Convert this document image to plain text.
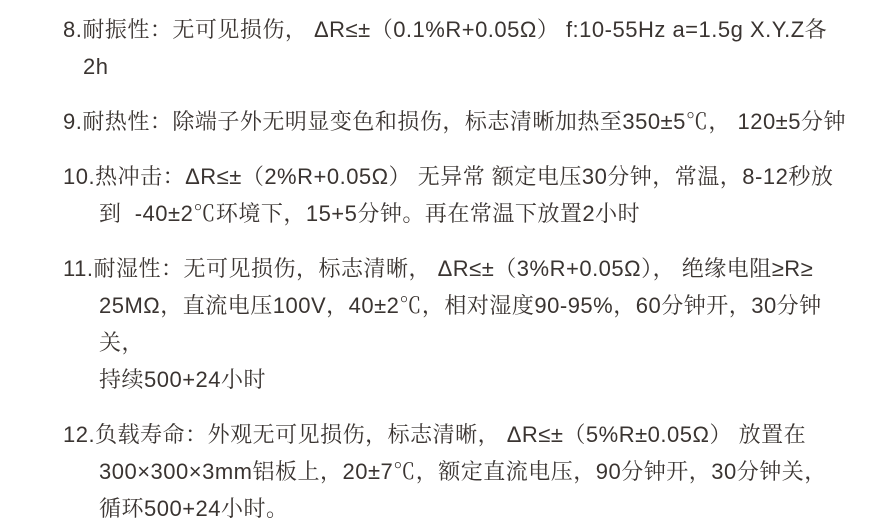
8.耐振性：无可见损伤， ΔR≤±（0.1%R+0.05Ω） f:10-55Hz a=1.5g X.Y.Z各
2h
9.耐热性：除端子外无明显变色和损伤，标志清晰加热至350±5℃， 120±5分钟
10.热冲击：ΔR≤±（2%R+0.05Ω） 无异常 额定电压30分钟，常温，8-12秒放
到  -40±2℃环境下，15+5分钟。再在常温下放置2小时
11.耐湿性：无可见损伤，标志清晰， ΔR≤±（3%R+0.05Ω）， 绝缘电阻≥R≥
25MΩ，直流电压100V，40±2℃，相对湿度90-95%，60分钟开，30分钟关，
持续500+24小时
12.负载寿命：外观无可见损伤，标志清晰， ΔR≤±（5%R±0.05Ω） 放置在
300×300×3mm铝板上，20±7℃，额定直流电压，90分钟开，30分钟关，
循环500+24小时。
